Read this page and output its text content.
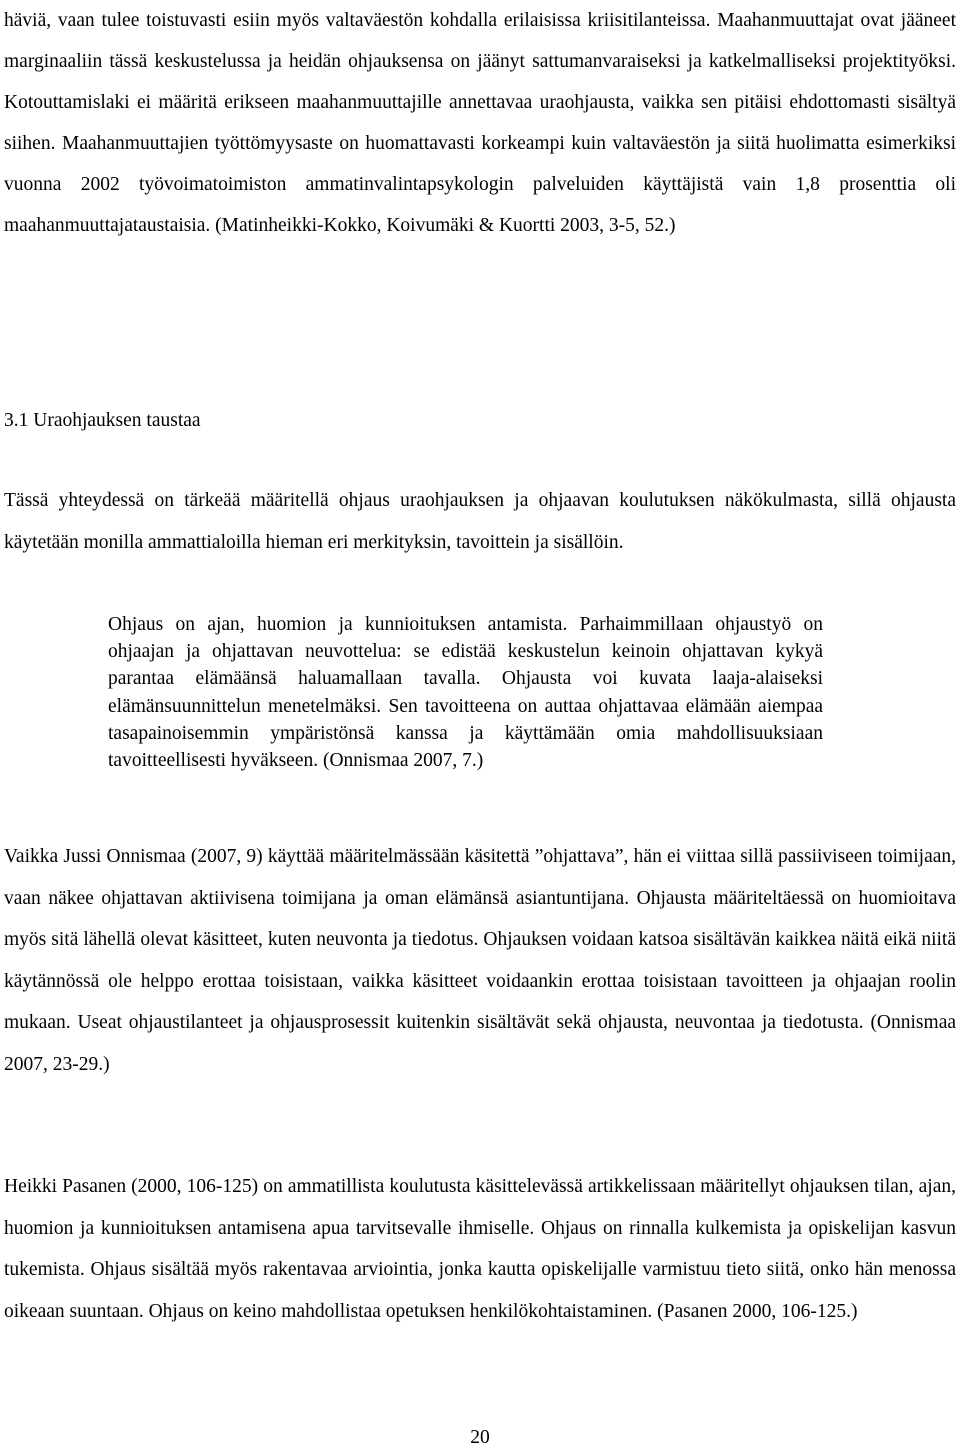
häviä, vaan tulee toistuvasti esiin myös valtaväestön kohdalla erilaisissa kriisitilanteissa. Maahanmuuttajat ovat jääneet marginaaliin tässä keskustelussa ja heidän ohjauksensa on jäänyt sattumanvaraiseksi ja katkelmalliseksi projektityöksi. Kotouttamislaki ei määritä erikseen maahanmuuttajille annettavaa uraohjausta, vaikka sen pitäisi ehdottomasti sisältyä siihen. Maahanmuuttajien työttömyysaste on huomattavasti korkeampi kuin valtaväestön ja siitä huolimatta esimerkiksi vuonna 2002 työvoimatoimiston ammatinvalintapsykologin palveluiden käyttäjistä vain 1,8 prosenttia oli maahanmuuttajataustaisia. (Matinheikki-Kokko, Koivumäki & Kuortti 2003, 3-5, 52.)

3.1 Uraohjauksen taustaa

Tässä yhteydessä on tärkeää määritellä ohjaus uraohjauksen ja ohjaavan koulutuksen näkökulmasta, sillä ohjausta käytetään monilla ammattialoilla hieman eri merkityksin, tavoittein ja sisällöin.

Ohjaus on ajan, huomion ja kunnioituksen antamista. Parhaimmillaan ohjaustyö on ohjaajan ja ohjattavan neuvottelua: se edistää keskustelun keinoin ohjattavan kykyä parantaa elämäänsä haluamallaan tavalla. Ohjausta voi kuvata laaja-alaiseksi elämänsuunnittelun menetelmäksi. Sen tavoitteena on auttaa ohjattavaa elämään aiempaa tasapainoisemmin ympäristönsä kanssa ja käyttämään omia mahdollisuuksiaan tavoitteellisesti hyväkseen. (Onnismaa 2007, 7.)

Vaikka Jussi Onnismaa (2007, 9) käyttää määritelmässään käsitettä ”ohjattava”, hän ei viittaa sillä passiiviseen toimijaan, vaan näkee ohjattavan aktiivisena toimijana ja oman elämänsä asiantuntijana. Ohjausta määriteltäessä on huomioitava myös sitä lähellä olevat käsitteet, kuten neuvonta ja tiedotus. Ohjauksen voidaan katsoa sisältävän kaikkea näitä eikä niitä käytännössä ole helppo erottaa toisistaan, vaikka käsitteet voidaankin erottaa toisistaan tavoitteen ja ohjaajan roolin mukaan. Useat ohjaustilanteet ja ohjausprosessit kuitenkin sisältävät sekä ohjausta, neuvontaa ja tiedotusta. (Onnismaa 2007, 23-29.)

Heikki Pasanen (2000, 106-125) on ammatillista koulutusta käsittelevässä artikkelissaan määritellyt ohjauksen tilan, ajan, huomion ja kunnioituksen antamisena apua tarvitsevalle ihmiselle. Ohjaus on rinnalla kulkemista ja opiskelijan kasvun tukemista. Ohjaus sisältää myös rakentavaa arviointia, jonka kautta opiskelijalle varmistuu tieto siitä, onko hän menossa oikeaan suuntaan. Ohjaus on keino mahdollistaa opetuksen henkilökohtaistaminen. (Pasanen 2000, 106-125.)

20
